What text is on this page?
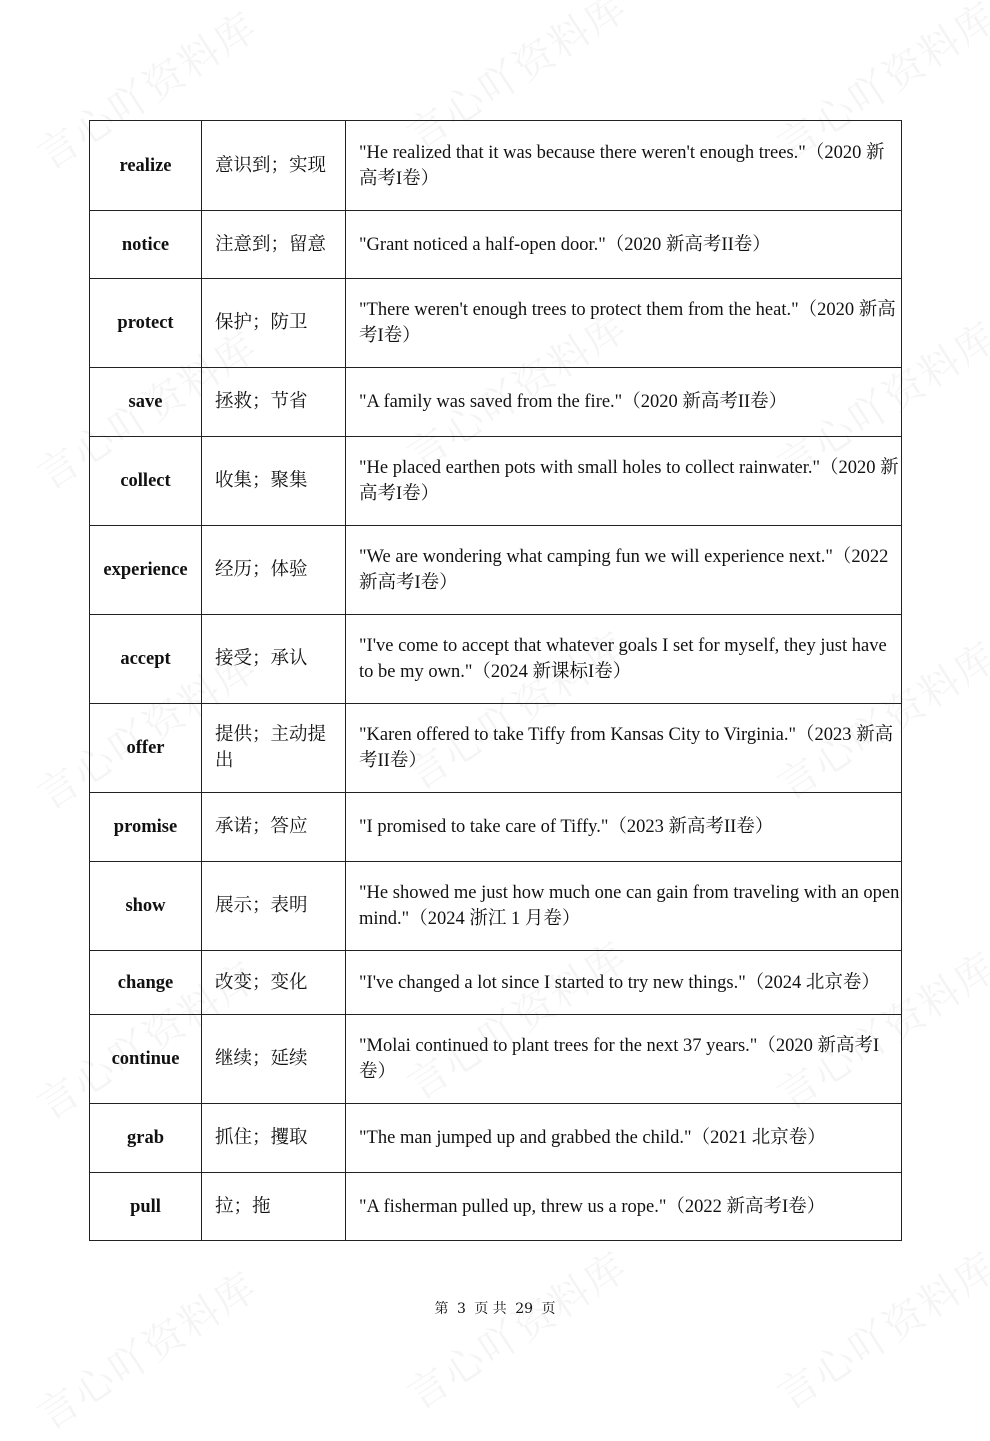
realize	意识到；实现	"He realized that it was because there weren't enough trees."（2020 新高考I卷）
notice	注意到；留意	"Grant noticed a half-open door."（2020 新高考II卷）
protect	保护；防卫	"There weren't enough trees to protect them from the heat."（2020 新高考I卷）
save	拯救；节省	"A family was saved from the fire."（2020 新高考II卷）
collect	收集；聚集	"He placed earthen pots with small holes to collect rainwater."（2020 新高考I卷）
experience	经历；体验	"We are wondering what camping fun we will experience next."（2022 新高考I卷）
accept	接受；承认	"I've come to accept that whatever goals I set for myself, they just have to be my own."（2024 新课标I卷）
offer	提供；主动提出	"Karen offered to take Tiffy from Kansas City to Virginia."（2023 新高考II卷）
promise	承诺；答应	"I promised to take care of Tiffy."（2023 新高考II卷）
show	展示；表明	"He showed me just how much one can gain from traveling with an open mind."（2024 浙江 1 月卷）
change	改变；变化	"I've changed a lot since I started to try new things."（2024 北京卷）
continue	继续；延续	"Molai continued to plant trees for the next 37 years."（2020 新高考I卷）
grab	抓住；攫取	"The man jumped up and grabbed the child."（2021 北京卷）
pull	拉；拖	"A fisherman pulled up, threw us a rope."（2022 新高考I卷）
第 3 页 共 29 页
